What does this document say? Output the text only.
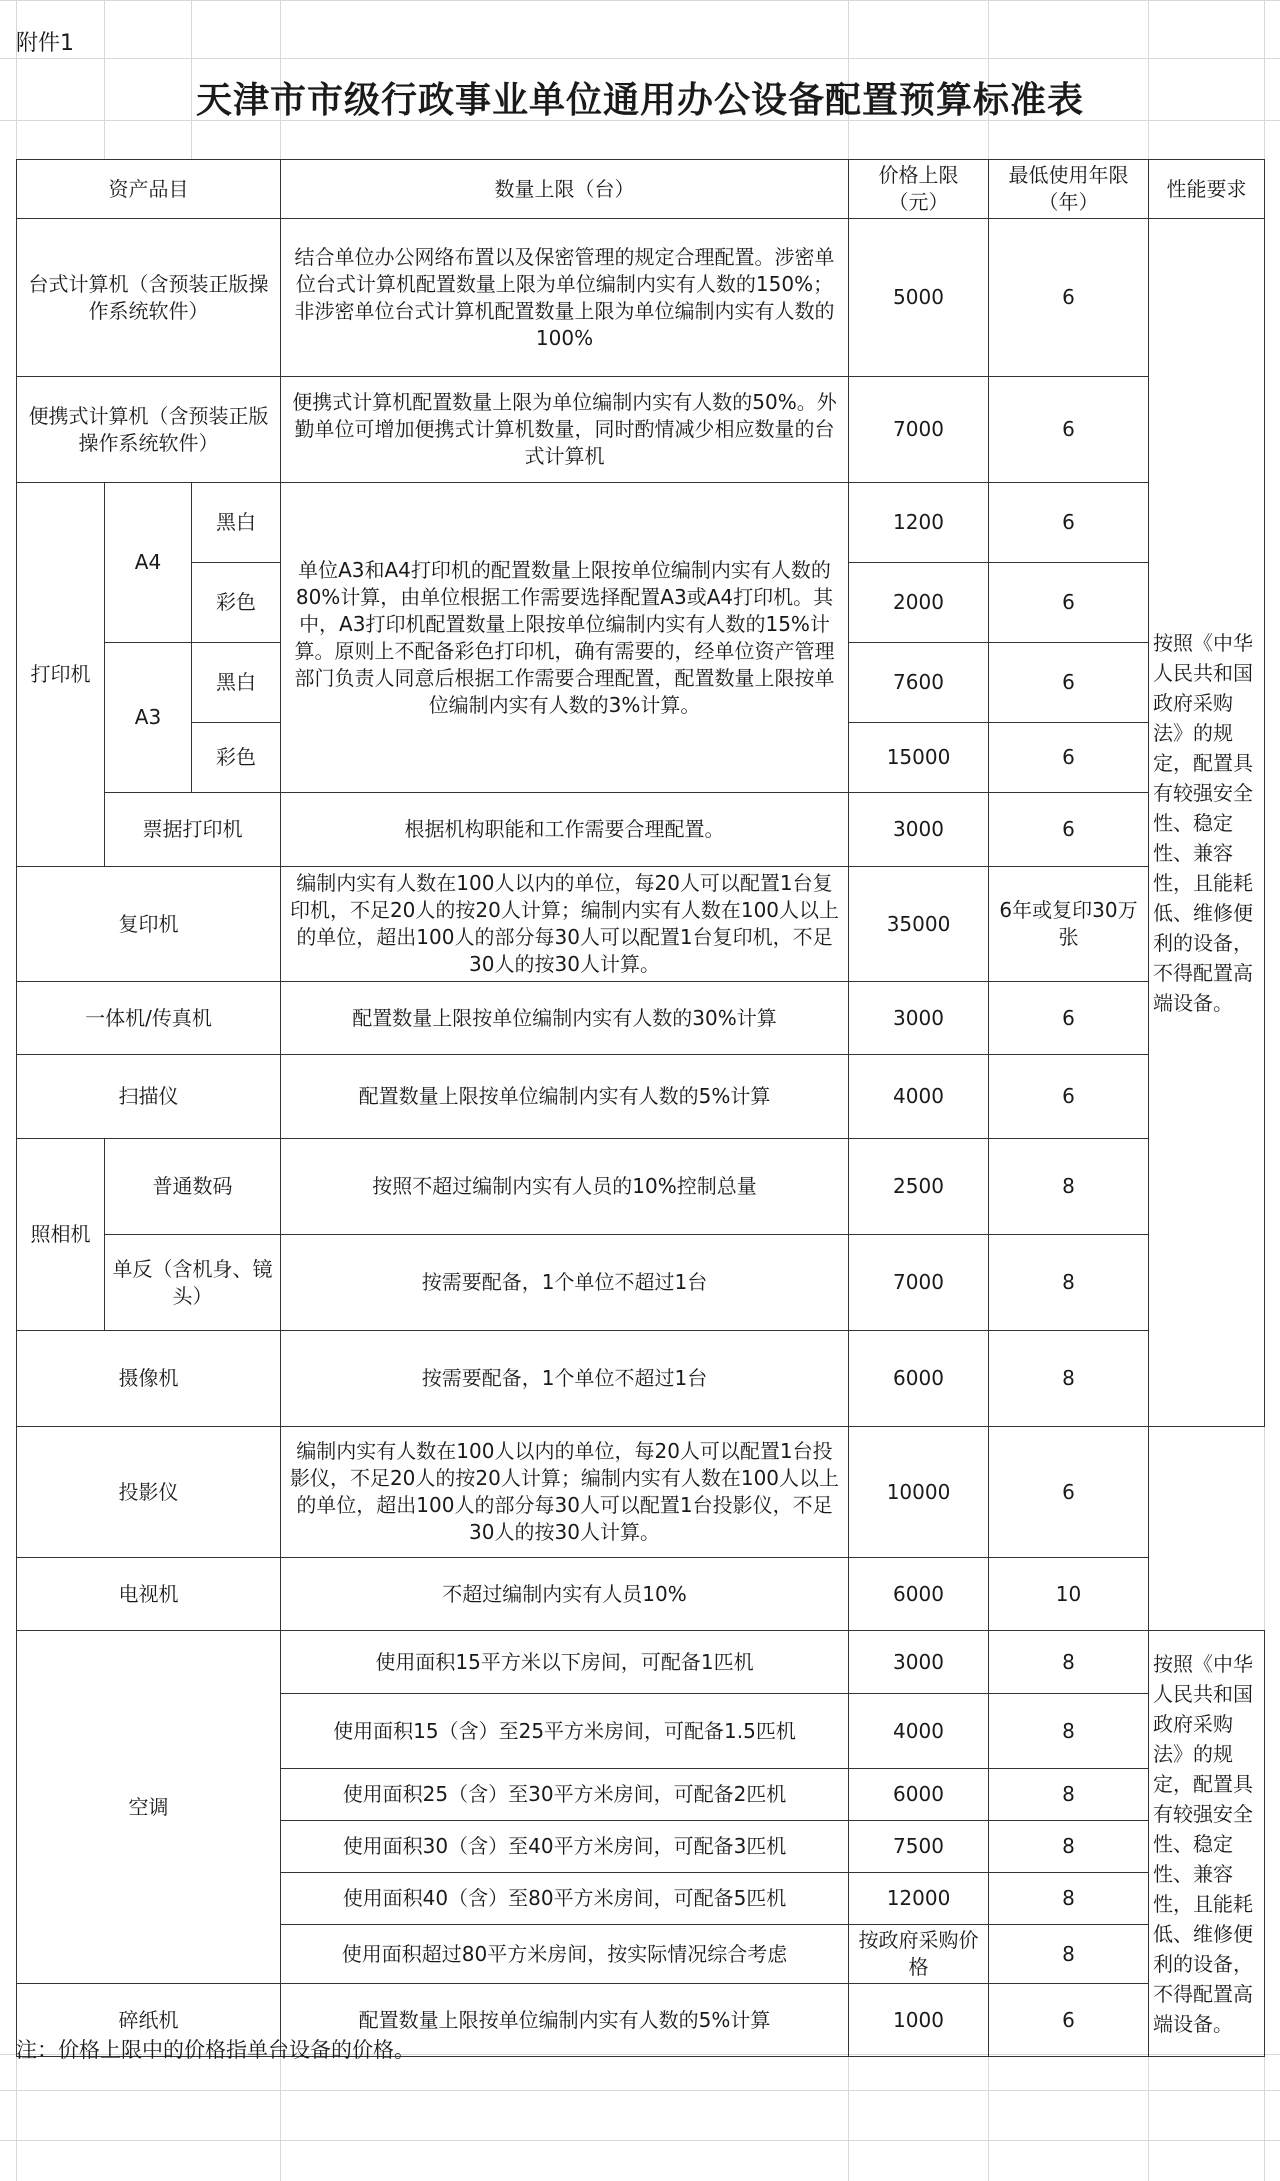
附件1
天津市市级行政事业单位通用办公设备配置预算标准表
资产品目			数量上限（台）	价格上限（元）	最低使用年限（年）	性能要求
台式计算机（含预装正版操作系统软件）			结合单位办公网络布置以及保密管理的规定合理配置。涉密单位台式计算机配置数量上限为单位编制内实有人数的150%；非涉密单位台式计算机配置数量上限为单位编制内实有人数的100%	5000	6	按照《中华人民共和国政府采购法》的规定，配置具有较强安全性、稳定性、兼容性，且能耗低、维修便利的设备，不得配置高端设备。
便携式计算机（含预装正版操作系统软件）			便携式计算机配置数量上限为单位编制内实有人数的50%。外勤单位可增加便携式计算机数量，同时酌情减少相应数量的台式计算机	7000	6	
打印机	A4	黑白	单位A3和A4打印机的配置数量上限按单位编制内实有人数的80%计算，由单位根据工作需要选择配置A3或A4打印机。其中，A3打印机配置数量上限按单位编制内实有人数的15%计算。原则上不配备彩色打印机，确有需要的，经单位资产管理部门负责人同意后根据工作需要合理配置，配置数量上限按单位编制内实有人数的3%计算。	1200	6	
		彩色		2000	6	
	A3	黑白		7600	6	
		彩色		15000	6	
	票据打印机		根据机构职能和工作需要合理配置。	3000	6	
复印机			编制内实有人数在100人以内的单位，每20人可以配置1台复印机，不足20人的按20人计算；编制内实有人数在100人以上的单位，超出100人的部分每30人可以配置1台复印机，不足30人的按30人计算。	35000	6年或复印30万张	
一体机/传真机			配置数量上限按单位编制内实有人数的30%计算	3000	6	
扫描仪			配置数量上限按单位编制内实有人数的5%计算	4000	6	
照相机	普通数码		按照不超过编制内实有人员的10%控制总量	2500	8	
	单反（含机身、镜头）		按需要配备，1个单位不超过1台	7000	8	
摄像机			按需要配备，1个单位不超过1台	6000	8	
投影仪			编制内实有人数在100人以内的单位，每20人可以配置1台投影仪，不足20人的按20人计算；编制内实有人数在100人以上的单位，超出100人的部分每30人可以配置1台投影仪，不足30人的按30人计算。	10000	6	
电视机			不超过编制内实有人员10%	6000	10	
空调			使用面积15平方米以下房间，可配备1匹机	3000	8	按照《中华人民共和国政府采购法》的规定，配置具有较强安全性、稳定性、兼容性，且能耗低、维修便利的设备，不得配置高端设备。
			使用面积15（含）至25平方米房间，可配备1.5匹机	4000	8	
			使用面积25（含）至30平方米房间，可配备2匹机	6000	8	
			使用面积30（含）至40平方米房间，可配备3匹机	7500	8	
			使用面积40（含）至80平方米房间，可配备5匹机	12000	8	
			使用面积超过80平方米房间，按实际情况综合考虑	按政府采购价格	8	
碎纸机			配置数量上限按单位编制内实有人数的5%计算	1000	6	
注：价格上限中的价格指单台设备的价格。
